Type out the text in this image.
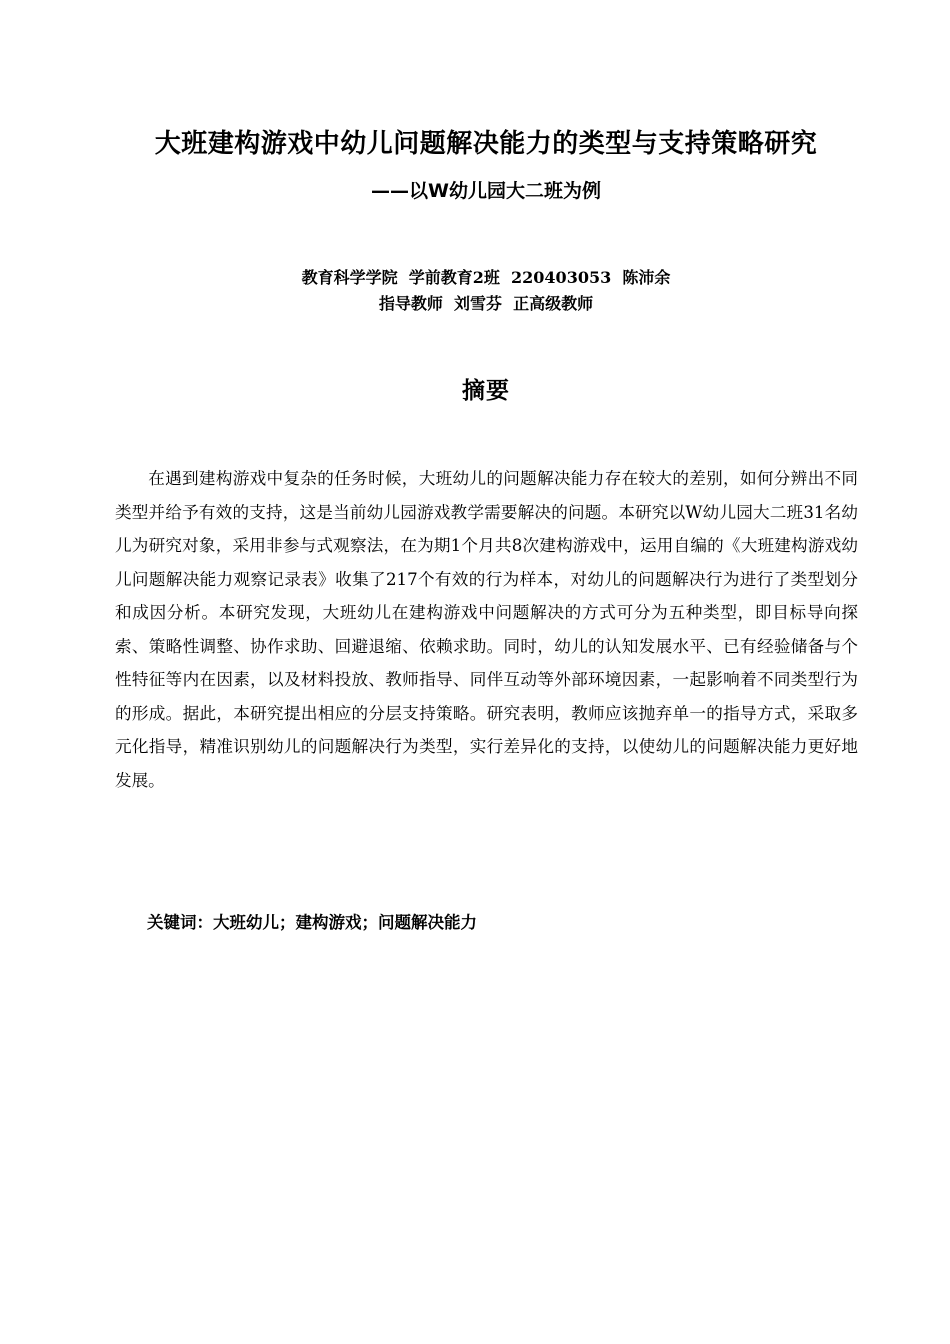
大班建构游戏中幼儿问题解决能力的类型与支持策略研究
——以W幼儿园大二班为例

教育科学学院  学前教育2班  220403053  陈沛余

指导教师  刘雪芬  正高级教师

摘要

在遇到建构游戏中复杂的任务时候，大班幼儿的问题解决能力存在较大的差别，如何分辨出不同类型并给予有效的支持，这是当前幼儿园游戏教学需要解决的问题。本研究以W幼儿园大二班31名幼儿为研究对象，采用非参与式观察法，在为期1个月共8次建构游戏中，运用自编的《大班建构游戏幼儿问题解决能力观察记录表》收集了217个有效的行为样本，对幼儿的问题解决行为进行了类型划分和成因分析。本研究发现，大班幼儿在建构游戏中问题解决的方式可分为五种类型，即目标导向探索、策略性调整、协作求助、回避退缩、依赖求助。同时，幼儿的认知发展水平、已有经验储备与个性特征等内在因素，以及材料投放、教师指导、同伴互动等外部环境因素，一起影响着不同类型行为的形成。据此，本研究提出相应的分层支持策略。研究表明，教师应该抛弃单一的指导方式，采取多元化指导，精准识别幼儿的问题解决行为类型，实行差异化的支持，以使幼儿的问题解决能力更好地发展。

关键词：大班幼儿；建构游戏；问题解决能力
